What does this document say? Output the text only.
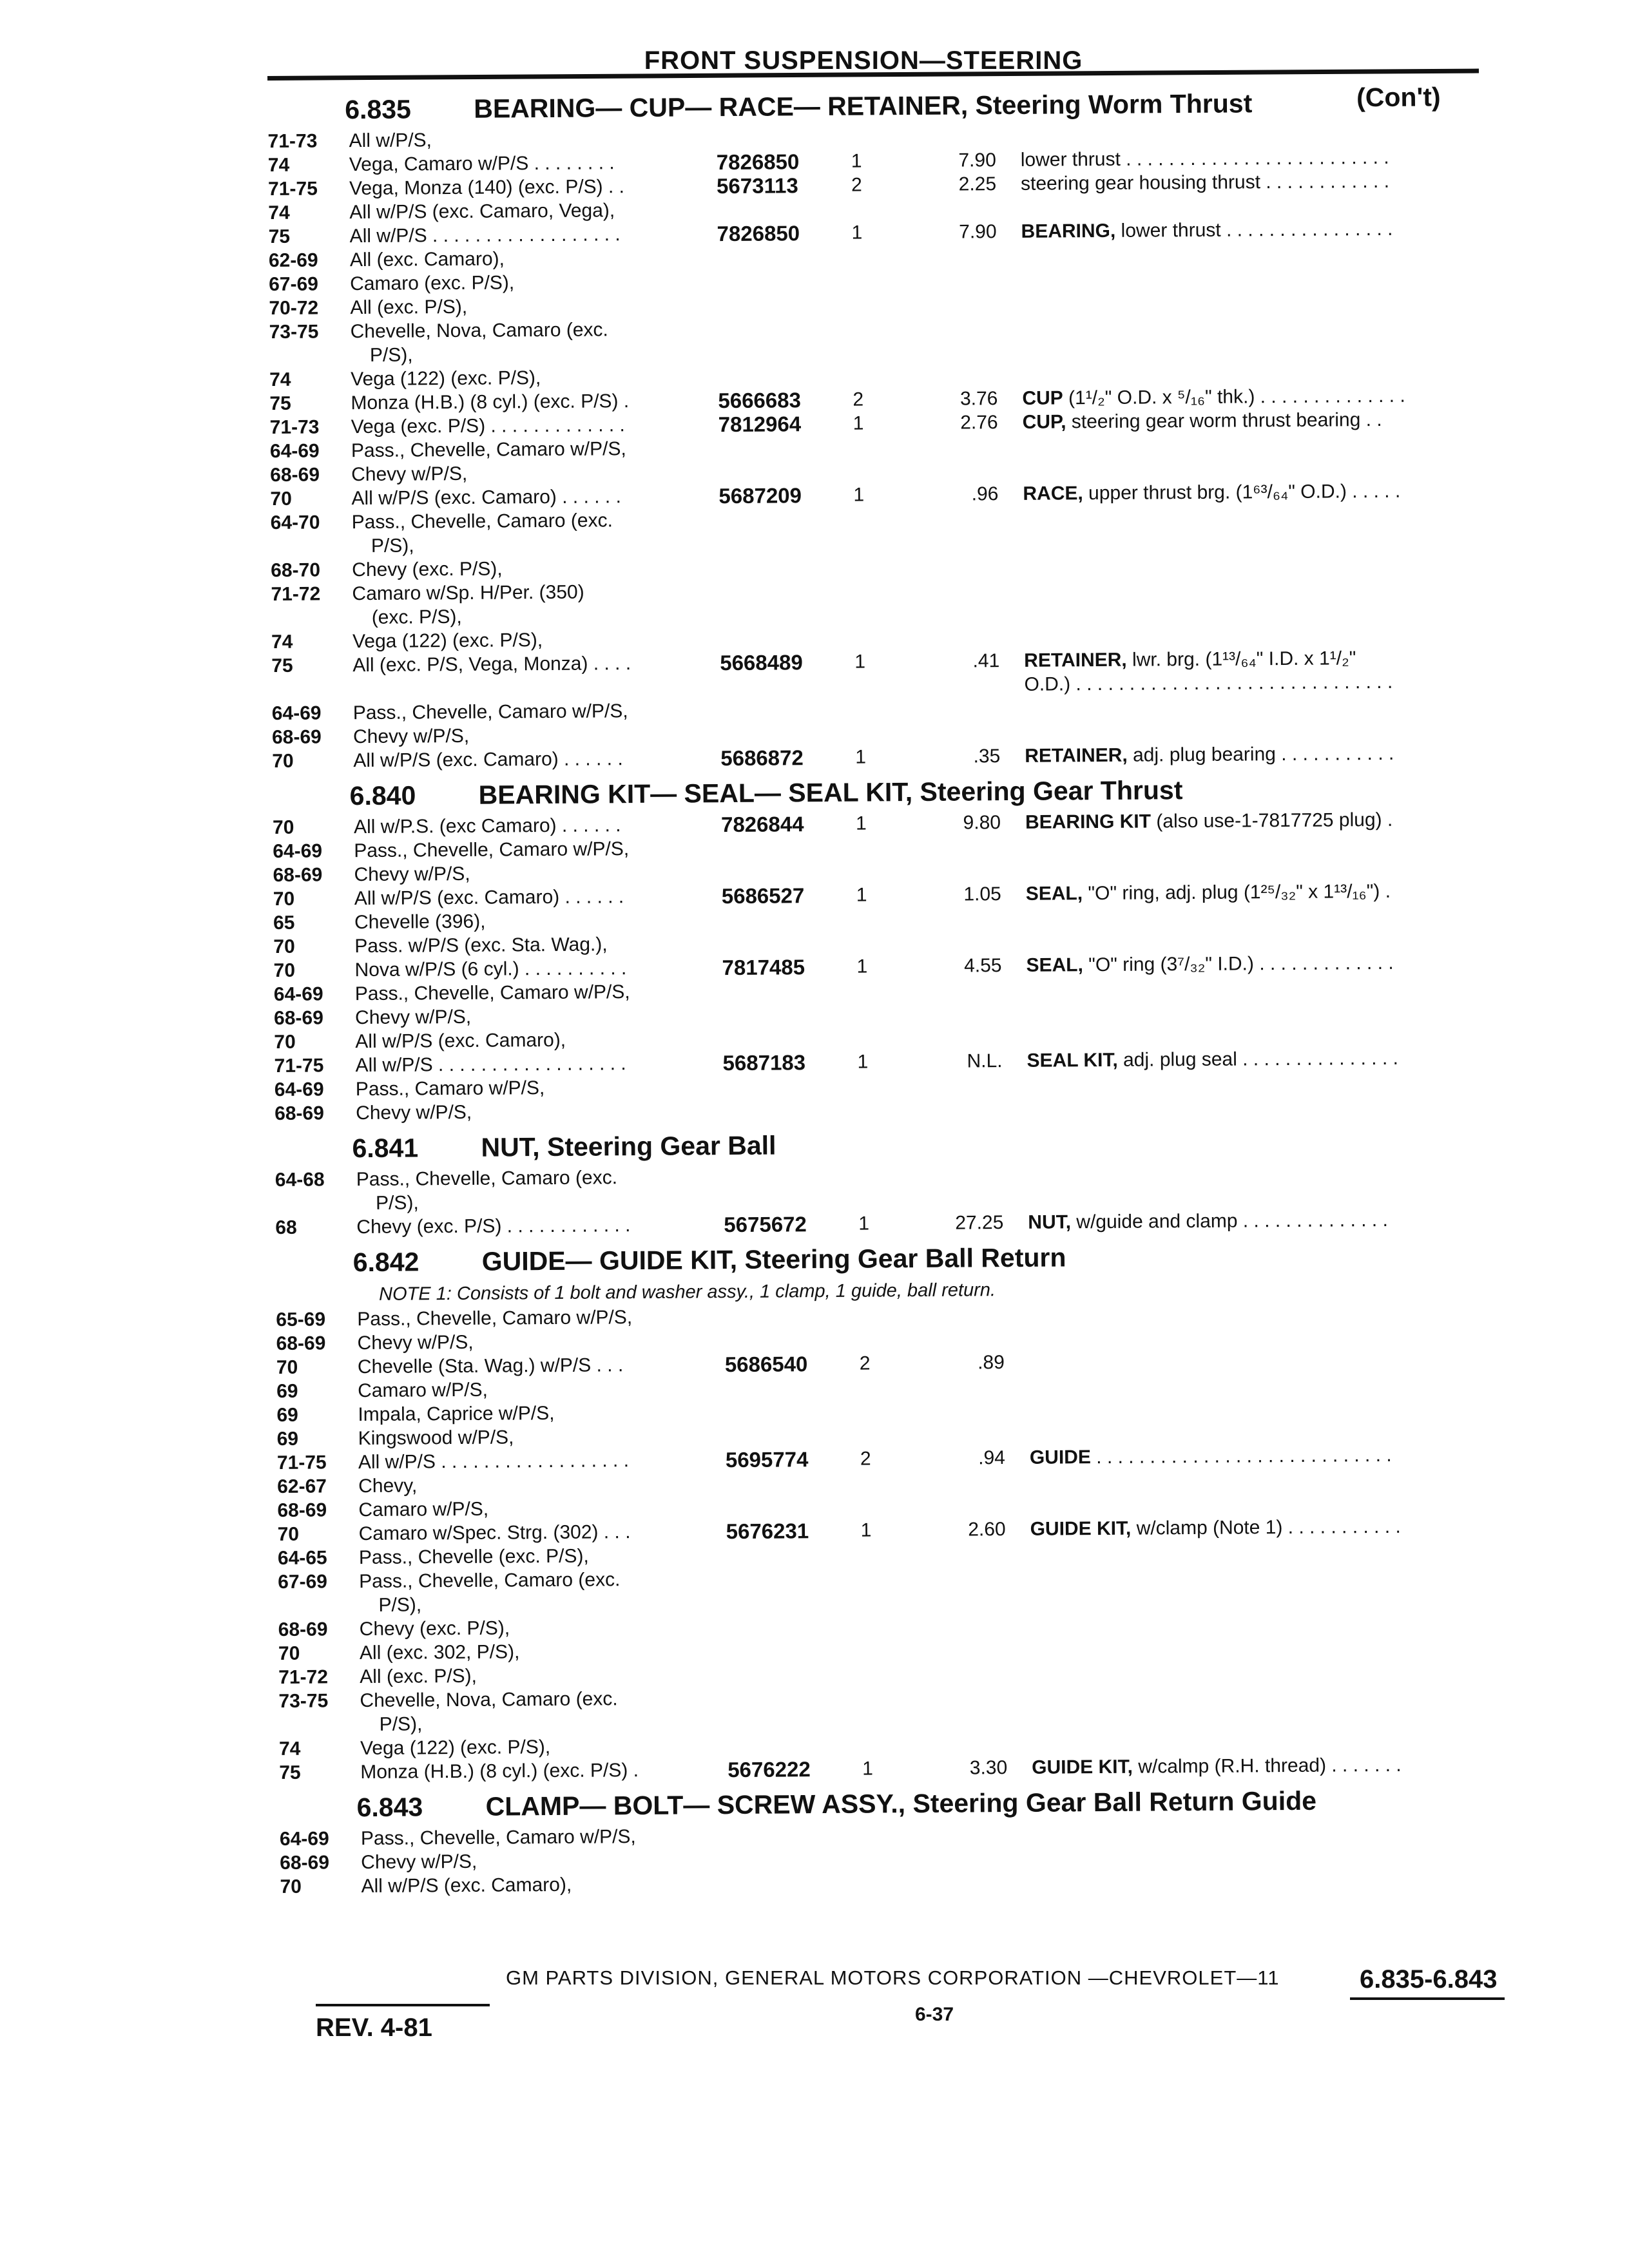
FRONT SUSPENSION—STEERING
6.835 BEARING— CUP— RACE— RETAINER, Steering Worm Thrust	(Con't)
71-73 All w/P/S,
74	Vega, Camaro w/P/S . . . . . . . .	7826850	1	7.90 lower thrust . . . . . . . . . . . . . . . . . . . . . . . . .
71-75 Vega, Monza (140) (exc. P/S) . .	5673113	2	2.25 steering gear housing thrust . . . . . . . . . . . .
74	All w/P/S (exc. Camaro, Vega),
75	All w/P/S . . . . . . . . . . . . . . . . . .	7826850	1	7.90 BEARING, lower thrust . . . . . . . . . . . . . . . .
62-69 All (exc. Camaro),
67-69 Camaro (exc. P/S),
70-72 All (exc. P/S),
73-75 Chevelle, Nova, Camaro (exc.
P/S),
74	Vega (122) (exc. P/S),
75	Monza (H.B.) (8 cyl.) (exc. P/S) .	5666683	2	3.76 CUP (1¹/₂" O.D. x ⁵/₁₆" thk.) . . . . . . . . . . . . . .
71-73 Vega (exc. P/S) . . . . . . . . . . . . .	7812964	1	2.76 CUP, steering gear worm thrust bearing . .
64-69 Pass., Chevelle, Camaro w/P/S,
68-69 Chevy w/P/S,
70	All w/P/S (exc. Camaro) . . . . . .	5687209	1	.96 RACE, upper thrust brg. (1⁶³/₆₄" O.D.) . . . . .
64-70 Pass., Chevelle, Camaro (exc.
P/S),
68-70 Chevy (exc. P/S),
71-72 Camaro w/Sp. H/Per. (350)
(exc. P/S),
74	Vega (122) (exc. P/S),
75	All (exc. P/S, Vega, Monza) . . . .	5668489	1	.41 RETAINER, lwr. brg. (1¹³/₆₄" I.D. x 1¹/₂"
O.D.) . . . . . . . . . . . . . . . . . . . . . . . . . . . . . .
64-69 Pass., Chevelle, Camaro w/P/S,
68-69 Chevy w/P/S,
70	All w/P/S (exc. Camaro) . . . . . .	5686872	1	.35 RETAINER, adj. plug bearing . . . . . . . . . . .
6.840 BEARING KIT— SEAL— SEAL KIT, Steering Gear Thrust
70	All w/P.S. (exc Camaro) . . . . . .	7826844	1	9.80 BEARING KIT (also use-1-7817725 plug) .
64-69 Pass., Chevelle, Camaro w/P/S,
68-69 Chevy w/P/S,
70	All w/P/S (exc. Camaro) . . . . . .	5686527	1	1.05 SEAL, "O" ring, adj. plug (1²⁵/₃₂" x 1¹³/₁₆") .
65	Chevelle (396),
70	Pass. w/P/S (exc. Sta. Wag.),
70	Nova w/P/S (6 cyl.) . . . . . . . . . .	7817485	1	4.55 SEAL, "O" ring (3⁷/₃₂" I.D.) . . . . . . . . . . . . .
64-69 Pass., Chevelle, Camaro w/P/S,
68-69 Chevy w/P/S,
70	All w/P/S (exc. Camaro),
71-75 All w/P/S . . . . . . . . . . . . . . . . . .	5687183	1	N.L. SEAL KIT, adj. plug seal . . . . . . . . . . . . . . .
64-69 Pass., Camaro w/P/S,
68-69 Chevy w/P/S,
6.841 NUT, Steering Gear Ball
64-68 Pass., Chevelle, Camaro (exc.
P/S),
68	Chevy (exc. P/S) . . . . . . . . . . . .	5675672	1	27.25 NUT, w/guide and clamp . . . . . . . . . . . . . .
6.842 GUIDE— GUIDE KIT, Steering Gear Ball Return
NOTE 1: Consists of 1 bolt and washer assy., 1 clamp, 1 guide, ball return.
65-69 Pass., Chevelle, Camaro w/P/S,
68-69 Chevy w/P/S,
70	Chevelle (Sta. Wag.) w/P/S . . .	5686540	2	.89
69	Camaro w/P/S,
69	Impala, Caprice w/P/S,
69	Kingswood w/P/S,
71-75 All w/P/S . . . . . . . . . . . . . . . . . .	5695774	2	.94 GUIDE . . . . . . . . . . . . . . . . . . . . . . . . . . . .
62-67 Chevy,
68-69 Camaro w/P/S,
70	Camaro w/Spec. Strg. (302) . . .	5676231	1	2.60 GUIDE KIT, w/clamp (Note 1) . . . . . . . . . . .
64-65 Pass., Chevelle (exc. P/S),
67-69 Pass., Chevelle, Camaro (exc.
P/S),
68-69 Chevy (exc. P/S),
70	All (exc. 302, P/S),
71-72 All (exc. P/S),
73-75 Chevelle, Nova, Camaro (exc.
P/S),
74	Vega (122) (exc. P/S),
75	Monza (H.B.) (8 cyl.) (exc. P/S) .	5676222	1	3.30 GUIDE KIT, w/calmp (R.H. thread) . . . . . . .
6.843 CLAMP— BOLT— SCREW ASSY., Steering Gear Ball Return Guide
64-69 Pass., Chevelle, Camaro w/P/S,
68-69 Chevy w/P/S,
70	All w/P/S (exc. Camaro),
GM PARTS DIVISION, GENERAL MOTORS CORPORATION —CHEVROLET—11
6-37
6.835-6.843
REV. 4-81
